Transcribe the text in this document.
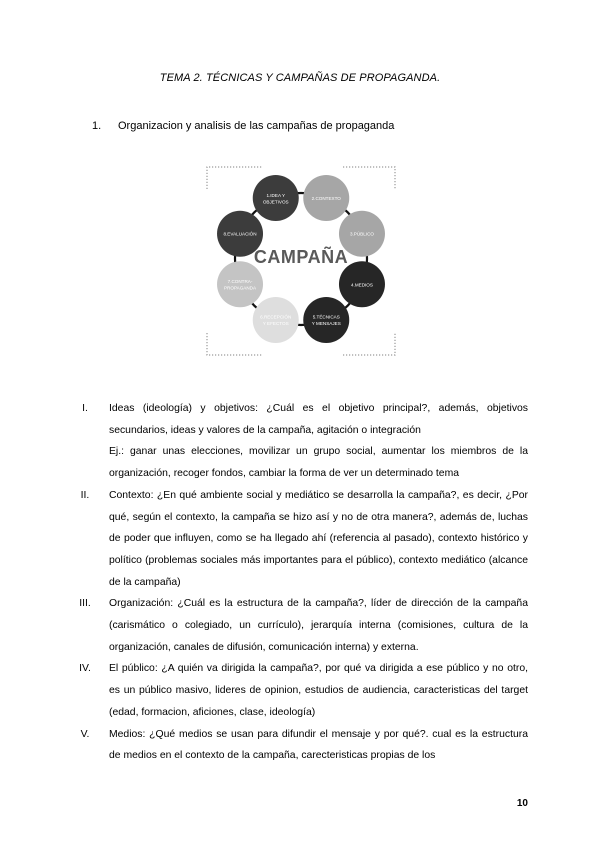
TEMA 2. TÉCNICAS Y CAMPAÑAS DE PROPAGANDA.
1. Organizacion y analisis de las campañas de propaganda
CAMPAÑA
1.IDEA Y
OBJETIVOS
2.CONTEXTO
3.PÚBLICO
4.MEDIOS
5.TÉCNICAS
Y MENSAJES
6.RECEPCIÓN
Y EFECTOS
7.CONTRA-
PROPAGANDA
8.EVALUACIÓN
I.	Ideas (ideología) y objetivos: ¿Cuál es el objetivo principal?, además, objetivos secundarios, ideas y valores de la campaña, agitación o integración

Ej.: ganar unas elecciones, movilizar un grupo social, aumentar los miembros de la organización, recoger fondos, cambiar la forma de ver un determinado tema

II.	Contexto: ¿En qué ambiente social y mediático se desarrolla la campaña?, es decir, ¿Por qué, según el contexto, la campaña se hizo así y no de otra manera?, además de, luchas de poder que influyen, como se ha llegado ahí (referencia al pasado), contexto histórico y político (problemas sociales más importantes para el público), contexto mediático (alcance de la campaña)

III.	Organización: ¿Cuál es la estructura de la campaña?, líder de dirección de la campaña (carismático o colegiado, un currículo), jerarquía interna (comisiones, cultura de la organización, canales de difusión, comunicación interna) y externa.

IV.	El público: ¿A quién va dirigida la campaña?, por qué va dirigida a ese público y no otro, es un público masivo, lideres de opinion, estudios de audiencia, caracteristicas del target (edad, formacion, aficiones, clase, ideología)

V.	Medios: ¿Qué medios se usan para difundir el mensaje y por qué?. cual es la estructura de medios en el contexto de la campaña, carecteristicas propias de los

10
